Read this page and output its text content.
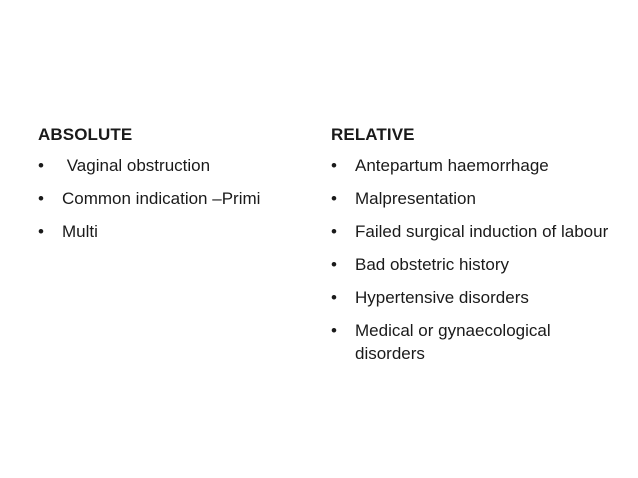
ABSOLUTE
•	Vaginal obstruction
•	Common indication –Primi
•	Multi
RELATIVE
•	Antepartum haemorrhage
•	Malpresentation
•	Failed surgical induction of labour
•	Bad obstetric history
•	Hypertensive disorders
•	Medical or gynaecological disorders
